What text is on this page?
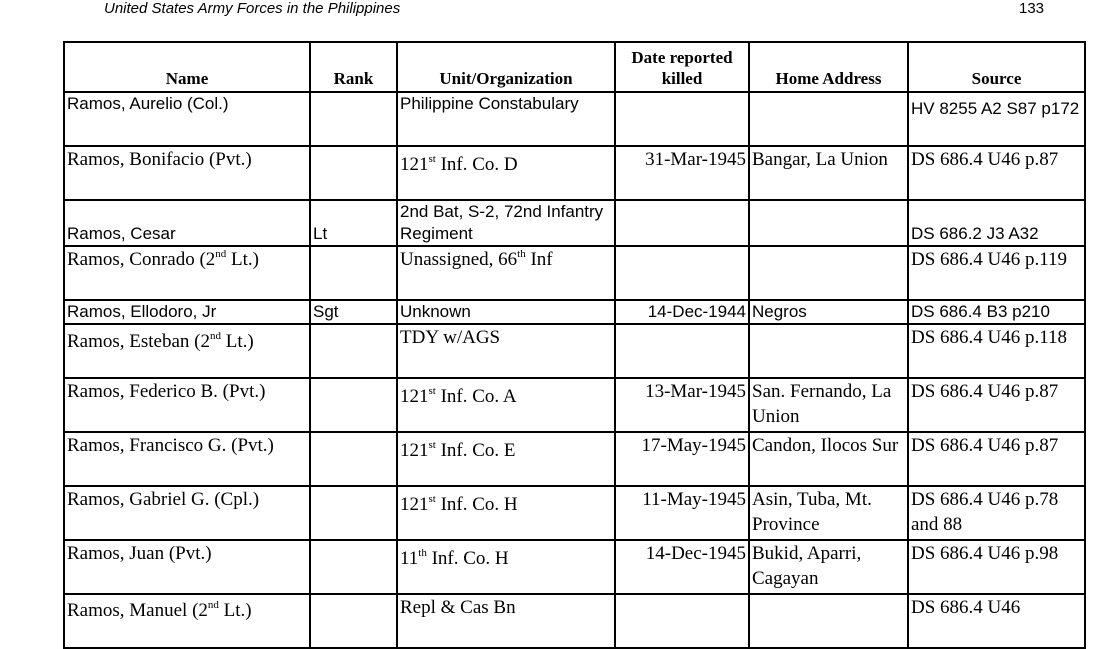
United States Army Forces in the Philippines	133
Name	Rank	Unit/Organization	Date reported killed	Home Address	Source
Ramos, Aurelio (Col.)		Philippine Constabulary			HV 8255 A2 S87 p172
Ramos, Bonifacio (Pvt.)		121st Inf. Co. D	31-Mar-1945	Bangar, La Union	DS 686.4 U46 p.87
Ramos, Cesar	Lt	2nd Bat, S-2, 72nd Infantry Regiment			DS 686.2 J3 A32
Ramos, Conrado (2nd Lt.)		Unassigned, 66th Inf			DS 686.4 U46 p.119
Ramos, Ellodoro, Jr	Sgt	Unknown	14-Dec-1944	Negros	DS 686.4 B3 p210
Ramos, Esteban (2nd Lt.)		TDY w/AGS			DS 686.4 U46 p.118
Ramos, Federico B. (Pvt.)		121st Inf. Co. A	13-Mar-1945	San. Fernando, La Union	DS 686.4 U46 p.87
Ramos, Francisco G. (Pvt.)		121st Inf. Co. E	17-May-1945	Candon, Ilocos Sur	DS 686.4 U46 p.87
Ramos, Gabriel G. (Cpl.)		121st Inf. Co. H	11-May-1945	Asin, Tuba, Mt. Province	DS 686.4 U46 p.78 and 88
Ramos, Juan (Pvt.)		11th Inf. Co. H	14-Dec-1945	Bukid, Aparri, Cagayan	DS 686.4 U46 p.98
Ramos, Manuel (2nd Lt.)		Repl & Cas Bn			DS 686.4 U46
